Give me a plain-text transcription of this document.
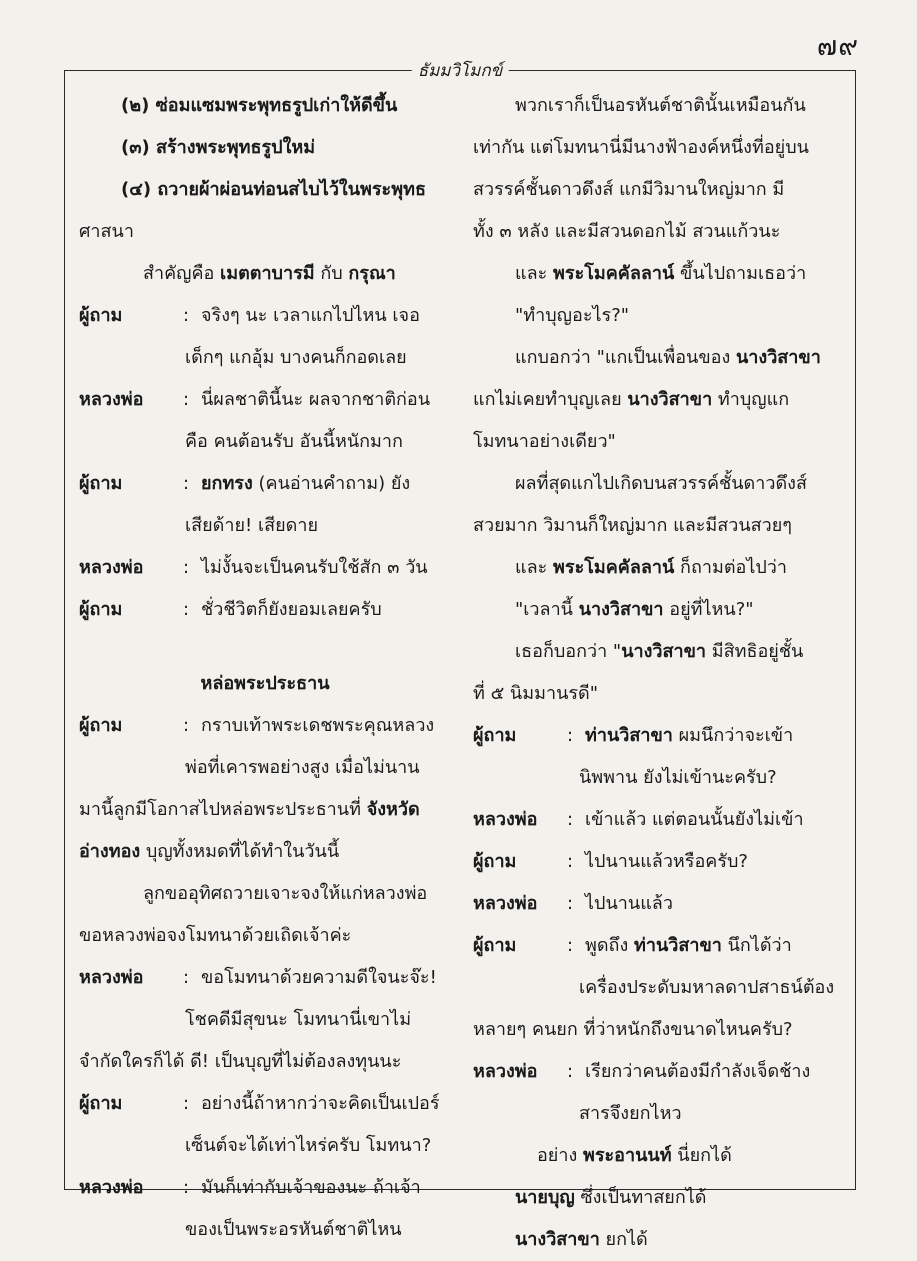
๗๙
ธัมมวิโมกข์
(๒) ซ่อมแซมพระพุทธรูปเก่าให้ดีขึ้น
(๓) สร้างพระพุทธรูปใหม่
(๔) ถวายผ้าผ่อนท่อนสไบไว้ในพระพุทธ
ศาสนา
สำคัญคือ เมตตาบารมี กับ กรุณา
ผู้ถาม	: จริงๆ นะ เวลาแกไปไหน เจอ
เด็กๆ แกอุ้ม บางคนก็กอดเลย
หลวงพ่อ : นี่ผลชาตินี้นะ ผลจากชาติก่อน
คือ คนต้อนรับ อันนี้หนักมาก
ผู้ถาม	: ยกทรง (คนอ่านคำถาม) ยัง
เสียด้าย! เสียดาย
หลวงพ่อ : ไม่งั้นจะเป็นคนรับใช้สัก ๓ วัน
ผู้ถาม	: ชั่วชีวิตก็ยังยอมเลยครับ
หล่อพระประธาน
ผู้ถาม	: กราบเท้าพระเดชพระคุณหลวง
พ่อที่เคารพอย่างสูง เมื่อไม่นาน
มานี้ลูกมีโอกาสไปหล่อพระประธานที่ จังหวัด
อ่างทอง บุญทั้งหมดที่ได้ทำในวันนี้
ลูกขออุทิศถวายเจาะจงให้แก่หลวงพ่อ
ขอหลวงพ่อจงโมทนาด้วยเถิดเจ้าค่ะ
หลวงพ่อ : ขอโมทนาด้วยความดีใจนะจ๊ะ!
โชคดีมีสุขนะ โมทนานี่เขาไม่
จำกัดใครก็ได้ ดี! เป็นบุญที่ไม่ต้องลงทุนนะ
ผู้ถาม	: อย่างนี้ถ้าหากว่าจะคิดเป็นเปอร์
เซ็นต์จะได้เท่าไหร่ครับ โมทนา?
หลวงพ่อ : มันก็เท่ากับเจ้าของนะ ถ้าเจ้า
ของเป็นพระอรหันต์ชาติไหน
พวกเราก็เป็นอรหันต์ชาตินั้นเหมือนกัน
เท่ากัน แต่โมทนานี่มีนางฟ้าองค์หนึ่งที่อยู่บน
สวรรค์ชั้นดาวดึงส์ แกมีวิมานใหญ่มาก มี
ทั้ง ๓ หลัง และมีสวนดอกไม้ สวนแก้วนะ
และ พระโมคคัลลาน์ ขึ้นไปถามเธอว่า
"ทำบุญอะไร?"
แกบอกว่า "แกเป็นเพื่อนของ นางวิสาขา
แกไม่เคยทำบุญเลย นางวิสาขา ทำบุญแก
โมทนาอย่างเดียว"
ผลที่สุดแกไปเกิดบนสวรรค์ชั้นดาวดึงส์
สวยมาก วิมานก็ใหญ่มาก และมีสวนสวยๆ
และ พระโมคคัลลาน์ ก็ถามต่อไปว่า
"เวลานี้ นางวิสาขา อยู่ที่ไหน?"
เธอก็บอกว่า "นางวิสาขา มีสิทธิอยู่ชั้น
ที่ ๕ นิมมานรดี"
ผู้ถาม	: ท่านวิสาขา ผมนึกว่าจะเข้า
นิพพาน ยังไม่เข้านะครับ?
หลวงพ่อ : เข้าแล้ว แต่ตอนนั้นยังไม่เข้า
ผู้ถาม	: ไปนานแล้วหรือครับ?
หลวงพ่อ : ไปนานแล้ว
ผู้ถาม	: พูดถึง ท่านวิสาขา นึกได้ว่า
เครื่องประดับมหาลดาปสาธน์ต้อง
หลายๆ คนยก ที่ว่าหนักถึงขนาดไหนครับ?
หลวงพ่อ : เรียกว่าคนต้องมีกำลังเจ็ดช้าง
สารจึงยกไหว
อย่าง พระอานนท์ นี่ยกได้
นายบุญ ซึ่งเป็นทาสยกได้
นางวิสาขา ยกได้
